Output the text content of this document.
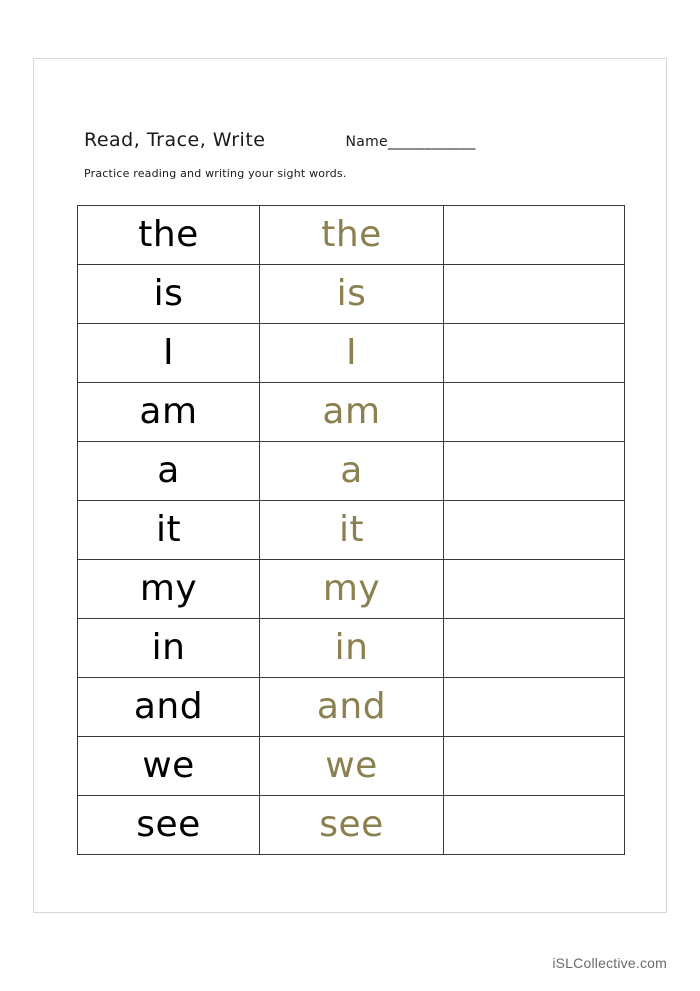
Read, Trace, Write	Name____________
Practice reading and writing your sight words.
the	the
is	is
I	I
am	am
a	a
it	it
my	my
in	in
and	and
we	we
see	see
iSLCollective.com
